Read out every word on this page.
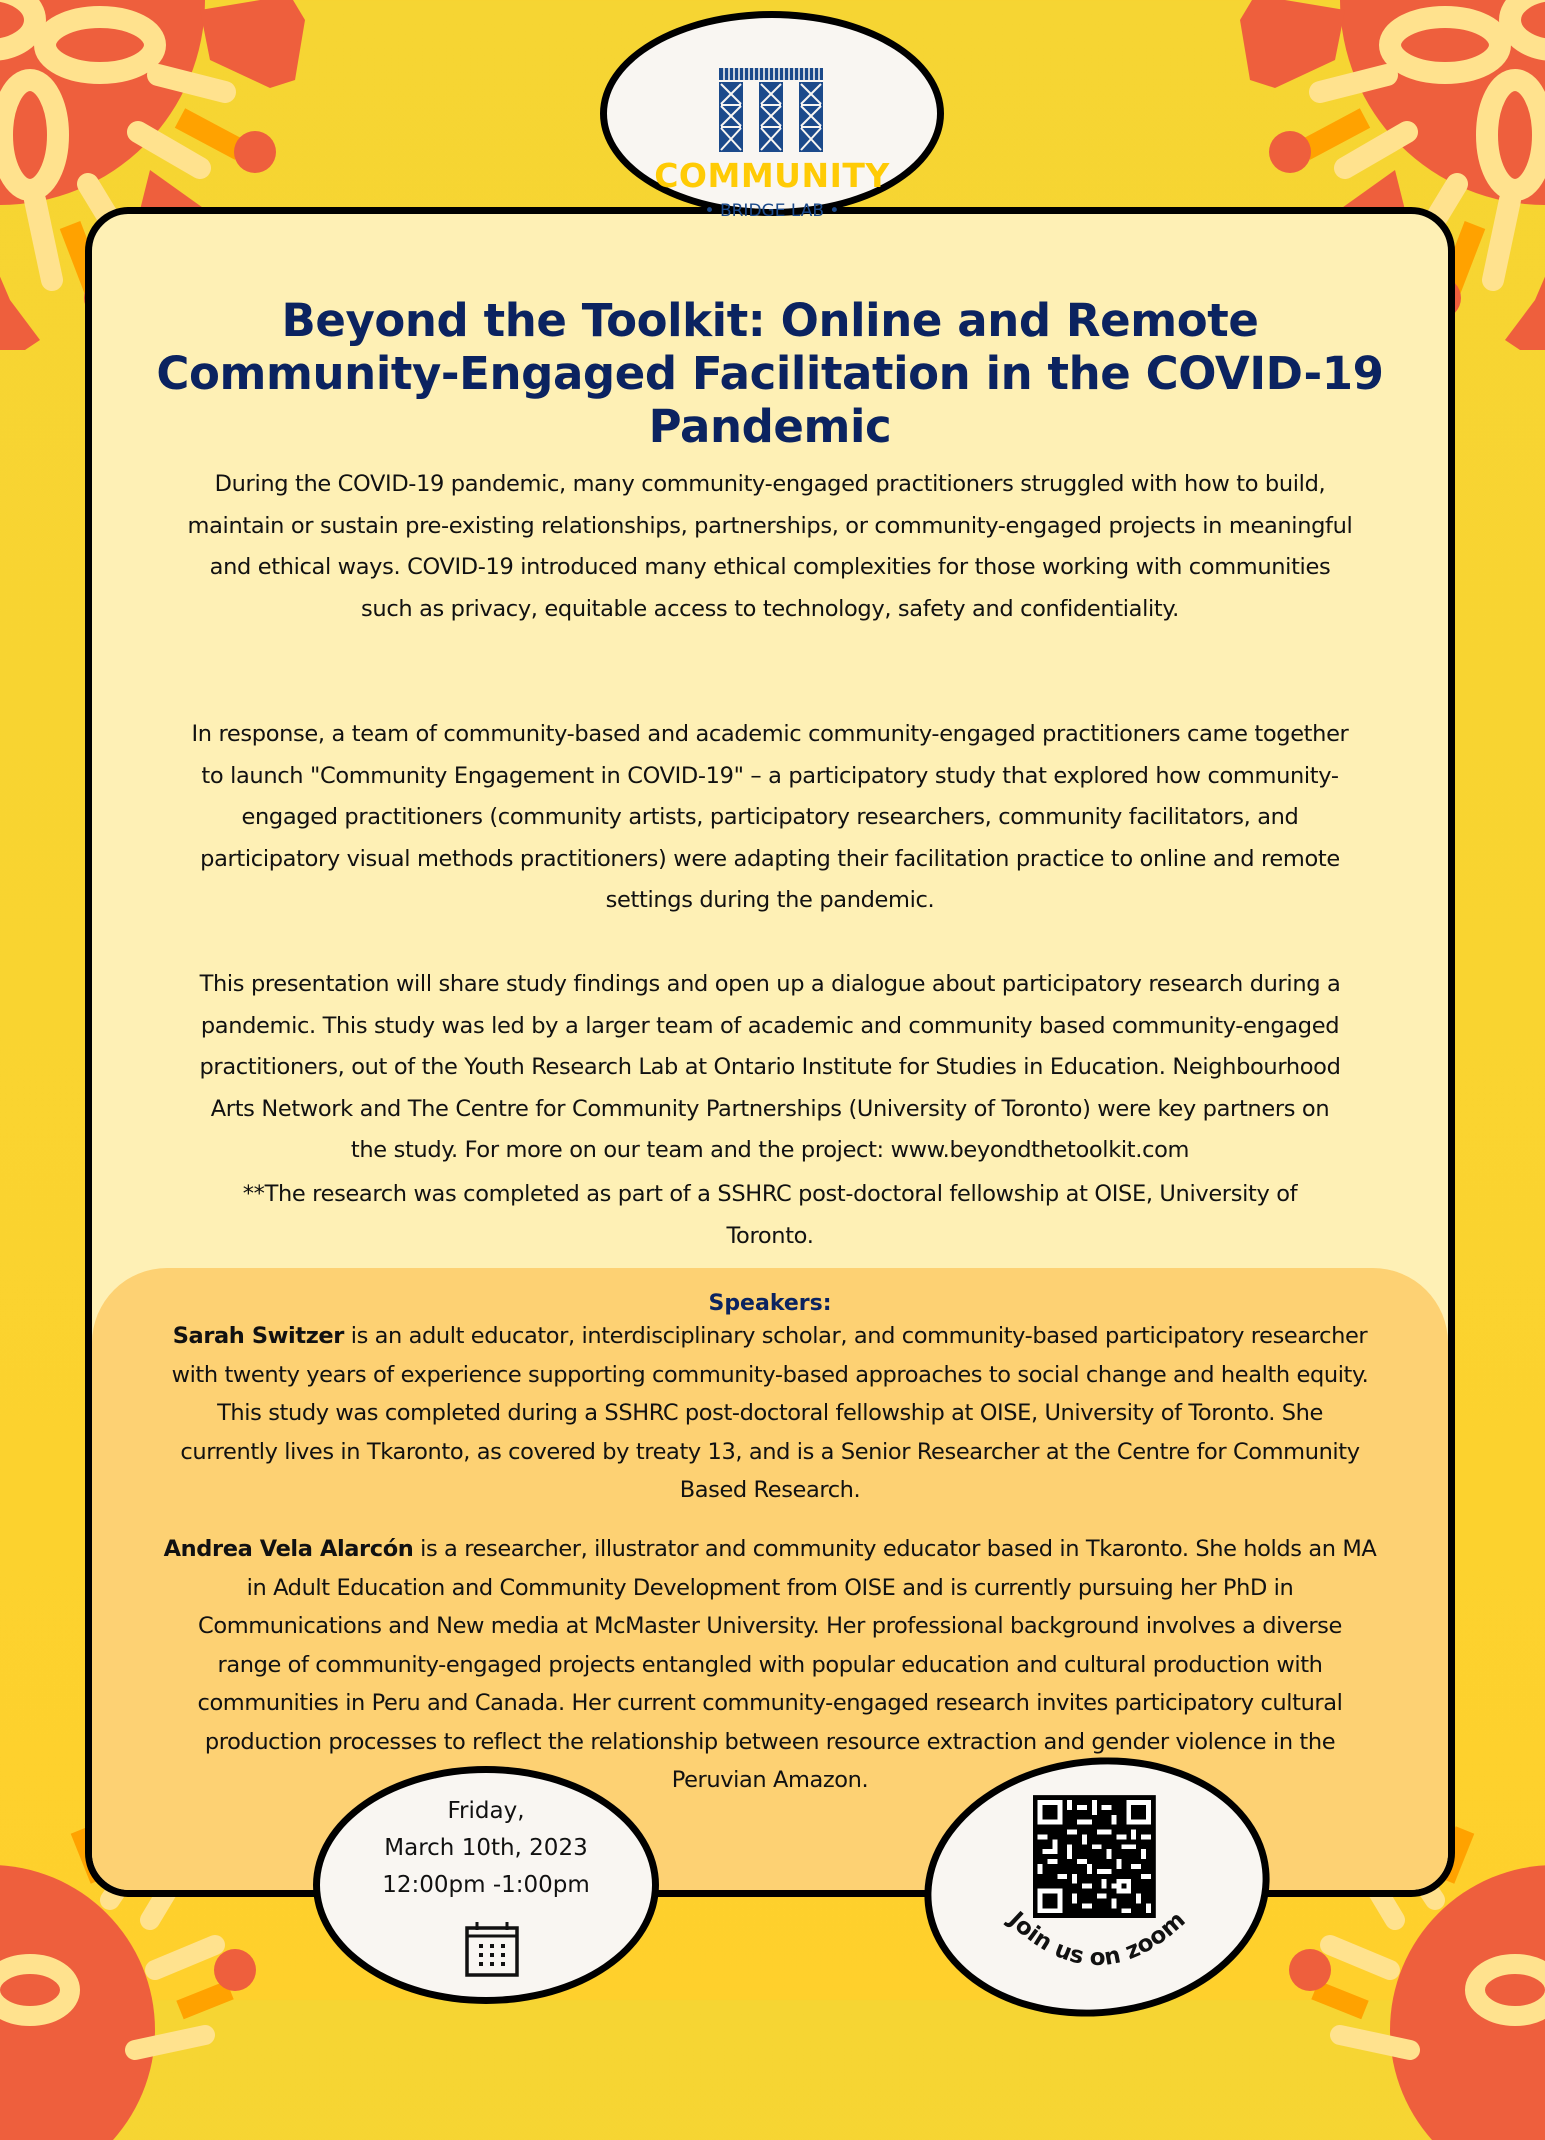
Beyond the Toolkit: Online and Remote
Community-Engaged Facilitation in the COVID-19
Pandemic
During the COVID-19 pandemic, many community-engaged practitioners struggled with how to build,
maintain or sustain pre-existing relationships, partnerships, or community-engaged projects in meaningful
and ethical ways. COVID-19 introduced many ethical complexities for those working with communities
such as privacy, equitable access to technology, safety and confidentiality.
In response, a team of community-based and academic community-engaged practitioners came together
to launch "Community Engagement in COVID-19" – a participatory study that explored how community-
engaged practitioners (community artists, participatory researchers, community facilitators, and
participatory visual methods practitioners) were adapting their facilitation practice to online and remote
settings during the pandemic.
This presentation will share study findings and open up a dialogue about participatory research during a
pandemic. This study was led by a larger team of academic and community based community-engaged
practitioners, out of the Youth Research Lab at Ontario Institute for Studies in Education. Neighbourhood
Arts Network and The Centre for Community Partnerships (University of Toronto) were key partners on
the study. For more on our team and the project: www.beyondthetoolkit.com
**The research was completed as part of a SSHRC post-doctoral fellowship at OISE, University of
Toronto.
Speakers:
Sarah Switzer is an adult educator, interdisciplinary scholar, and community-based participatory researcher
with twenty years of experience supporting community-based approaches to social change and health equity.
This study was completed during a SSHRC post-doctoral fellowship at OISE, University of Toronto. She
currently lives in Tkaronto, as covered by treaty 13, and is a Senior Researcher at the Centre for Community
Based Research.
Andrea Vela Alarcón is a researcher, illustrator and community educator based in Tkaronto. She holds an MA
in Adult Education and Community Development from OISE and is currently pursuing her PhD in
Communications and New media at McMaster University. Her professional background involves a diverse
range of community-engaged projects entangled with popular education and cultural production with
communities in Peru and Canada. Her current community-engaged research invites participatory cultural
production processes to reflect the relationship between resource extraction and gender violence in the
Peruvian Amazon.
COMMUNITY
• BRIDGE LAB •
Friday,
March 10th, 2023
12:00pm -1:00pm
Join us on zoom
